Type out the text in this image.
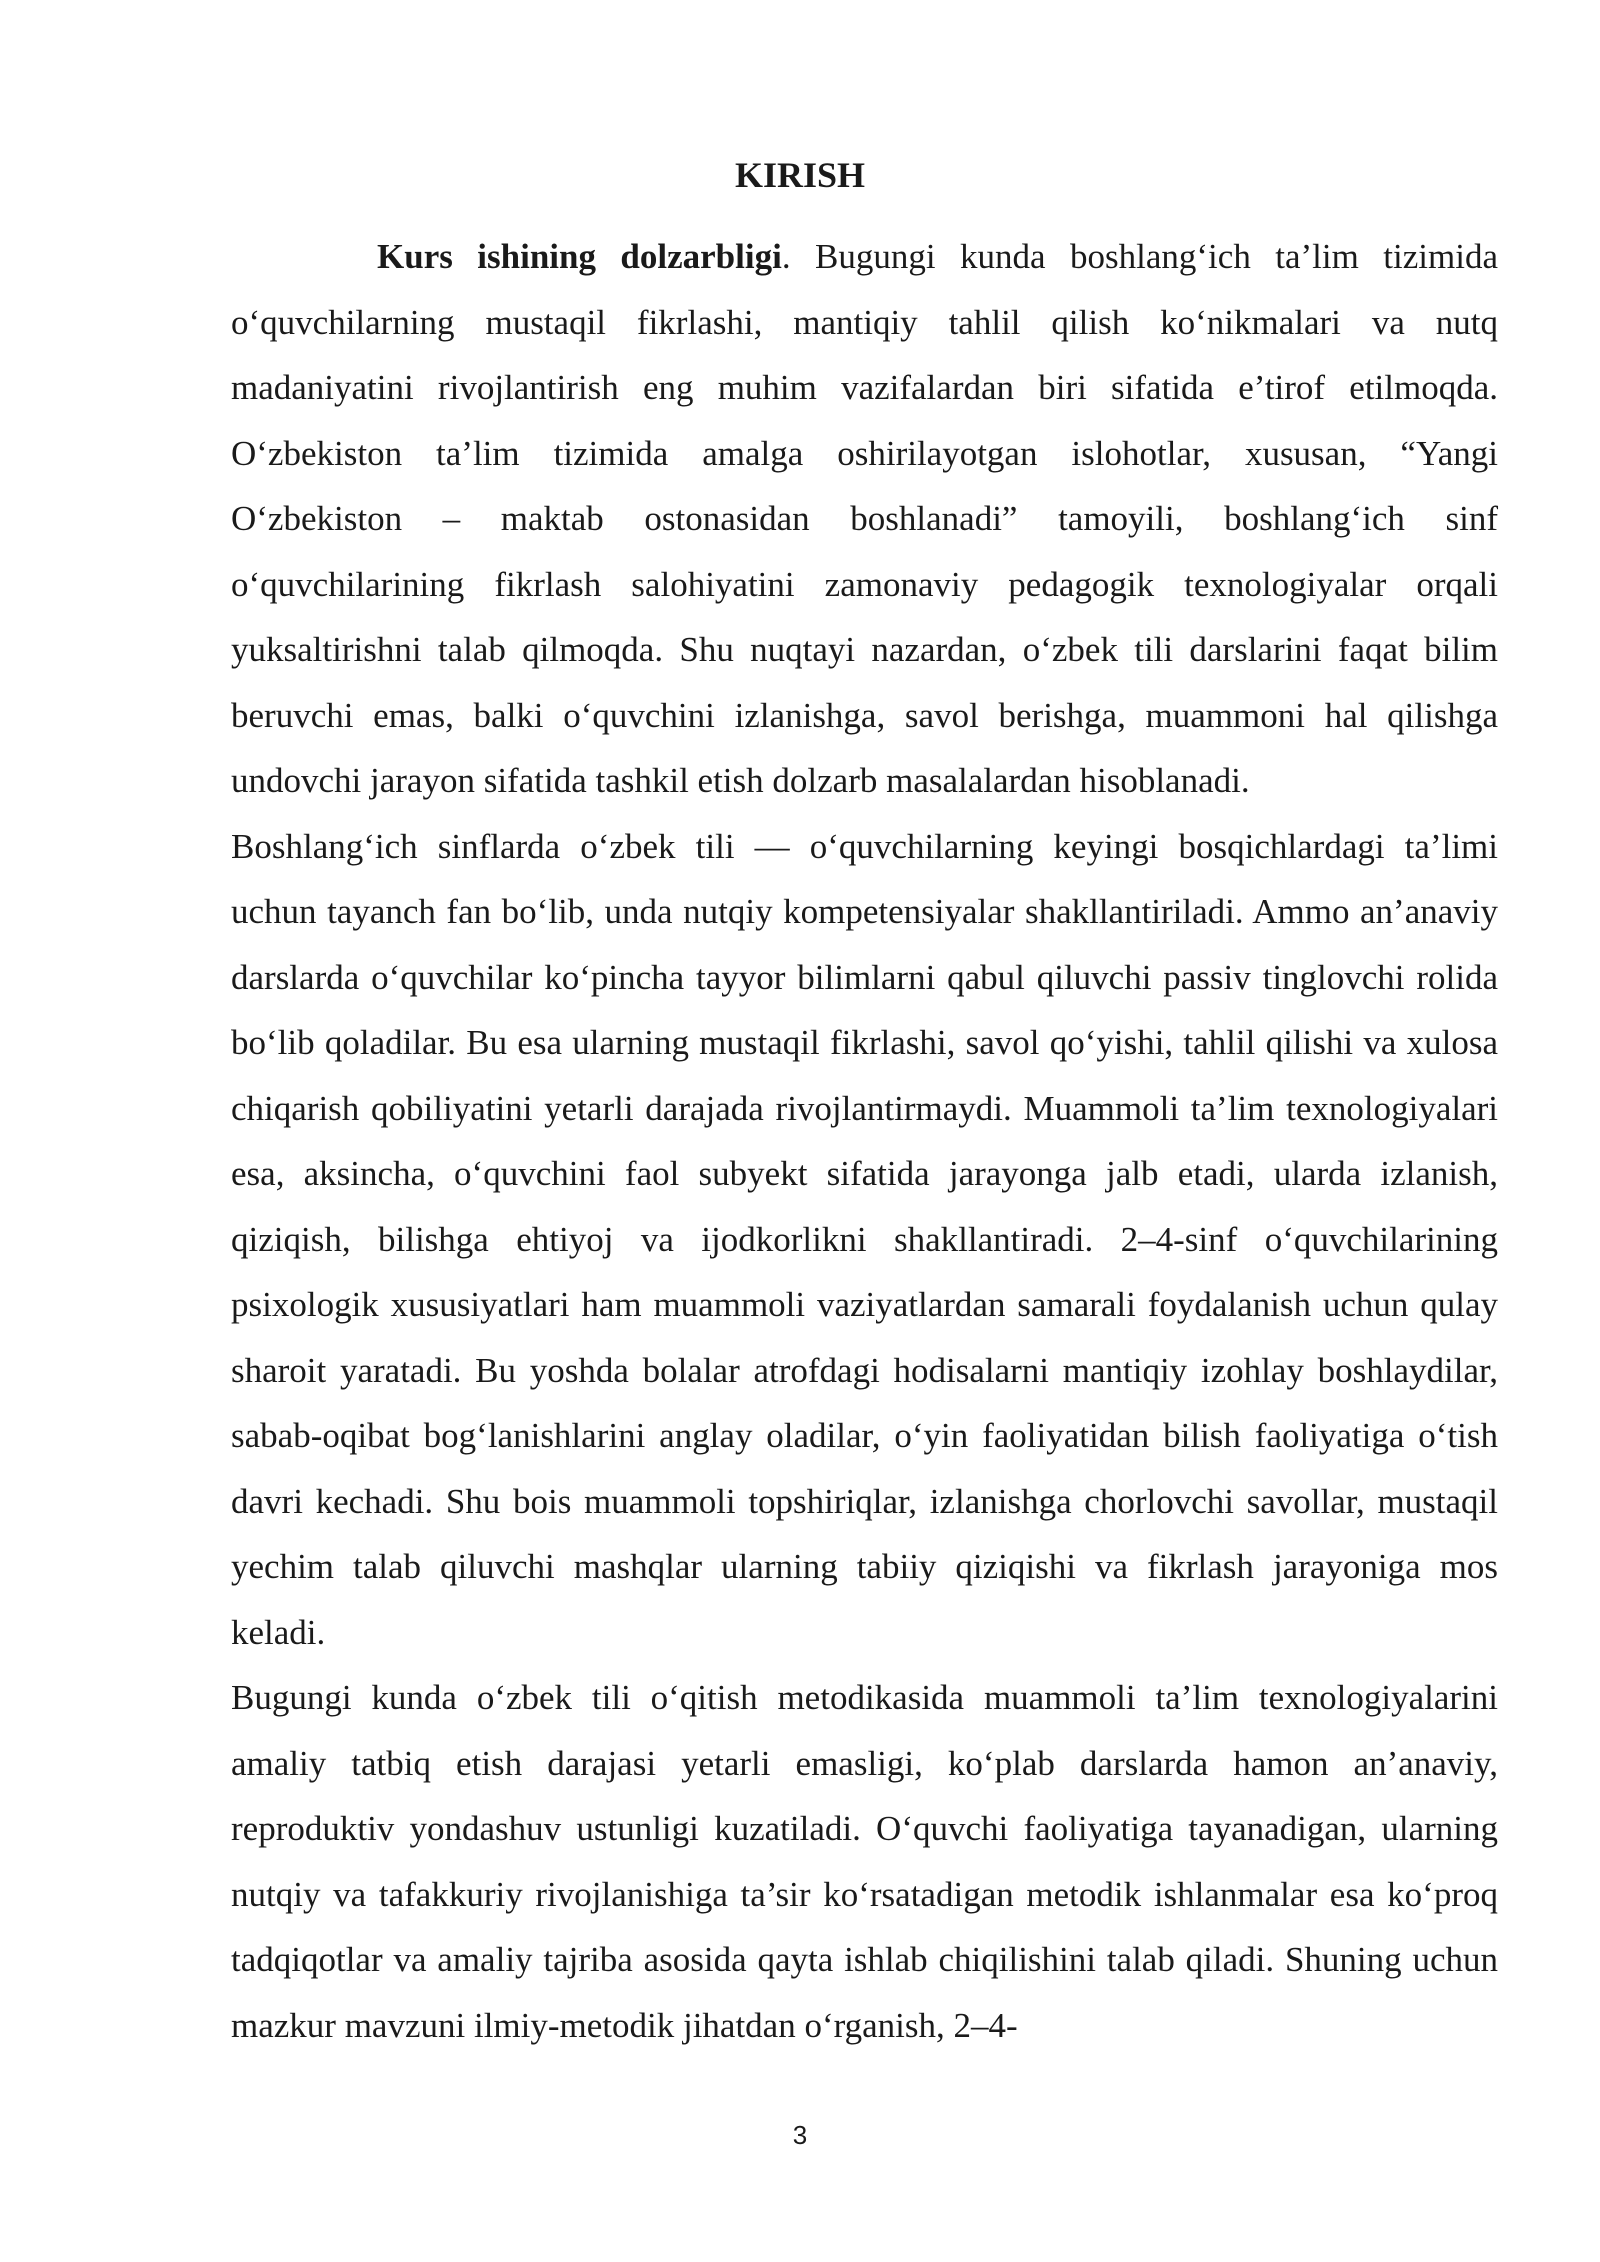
KIRISH

Kurs ishining dolzarbligi. Bugungi kunda boshlang‘ich ta’lim tizimida o‘quvchilarning mustaqil fikrlashi, mantiqiy tahlil qilish ko‘nikmalari va nutq madaniyatini rivojlantirish eng muhim vazifalardan biri sifatida e’tirof etilmoqda. O‘zbekiston ta’lim tizimida amalga oshirilayotgan islohotlar, xususan, “Yangi O‘zbekiston – maktab ostonasidan boshlanadi” tamoyili, boshlang‘ich sinf o‘quvchilarining fikrlash salohiyatini zamonaviy pedagogik texnologiyalar orqali yuksaltirishni talab qilmoqda. Shu nuqtayi nazardan, o‘zbek tili darslarini faqat bilim beruvchi emas, balki o‘quvchini izlanishga, savol berishga, muammoni hal qilishga undovchi jarayon sifatida tashkil etish dolzarb masalalardan hisoblanadi.

Boshlang‘ich sinflarda o‘zbek tili — o‘quvchilarning keyingi bosqichlardagi ta’limi uchun tayanch fan bo‘lib, unda nutqiy kompetensiyalar shakllantiriladi. Ammo an’anaviy darslarda o‘quvchilar ko‘pincha tayyor bilimlarni qabul qiluvchi passiv tinglovchi rolida bo‘lib qoladilar. Bu esa ularning mustaqil fikrlashi, savol qo‘yishi, tahlil qilishi va xulosa chiqarish qobiliyatini yetarli darajada rivojlantirmaydi. Muammoli ta’lim texnologiyalari esa, aksincha, o‘quvchini faol subyekt sifatida jarayonga jalb etadi, ularda izlanish, qiziqish, bilishga ehtiyoj va ijodkorlikni shakllantiradi. 2–4-sinf o‘quvchilarining psixologik xususiyatlari ham muammoli vaziyatlardan samarali foydalanish uchun qulay sharoit yaratadi. Bu yoshda bolalar atrofdagi hodisalarni mantiqiy izohlay boshlaydilar, sabab-oqibat bog‘lanishlarini anglay oladilar, o‘yin faoliyatidan bilish faoliyatiga o‘tish davri kechadi. Shu bois muammoli topshiriqlar, izlanishga chorlovchi savollar, mustaqil yechim talab qiluvchi mashqlar ularning tabiiy qiziqishi va fikrlash jarayoniga mos keladi.

Bugungi kunda o‘zbek tili o‘qitish metodikasida muammoli ta’lim texnologiyalarini amaliy tatbiq etish darajasi yetarli emasligi, ko‘plab darslarda hamon an’anaviy, reproduktiv yondashuv ustunligi kuzatiladi. O‘quvchi faoliyatiga tayanadigan, ularning nutqiy va tafakkuriy rivojlanishiga ta’sir ko‘rsatadigan metodik ishlanmalar esa ko‘proq tadqiqotlar va amaliy tajriba asosida qayta ishlab chiqilishini talab qiladi. Shuning uchun mazkur mavzuni ilmiy-metodik jihatdan o‘rganish, 2–4-

3
